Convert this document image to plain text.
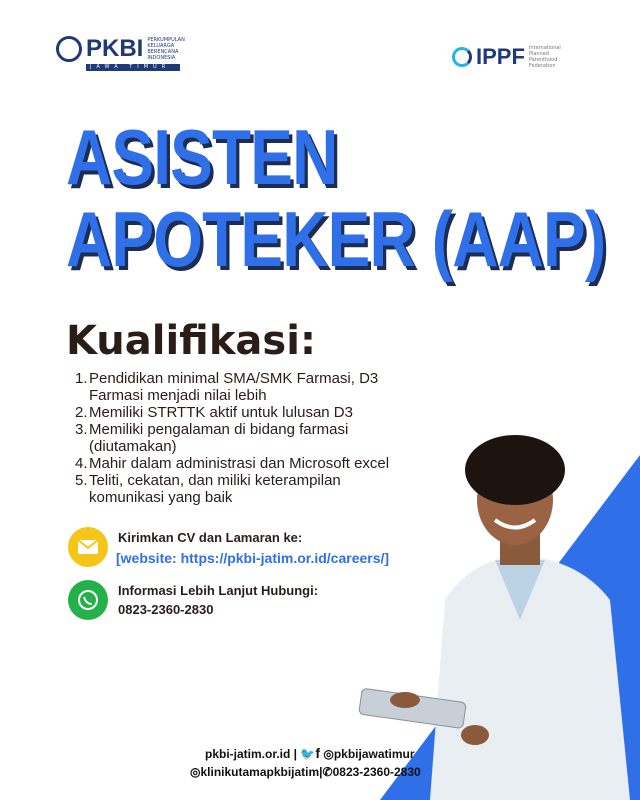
PKBI PERKUMPULAN KELUARGA BERENCANA INDONESIA
JAWA TIMUR	IPPF International Planned Parenthood Federation
ASISTEN
APOTEKER (AAP)
Kualifikasi:
1. Pendidikan minimal SMA/SMK Farmasi, D3 Farmasi menjadi nilai lebih
2. Memiliki STRTTK aktif untuk lulusan D3
3. Memiliki pengalaman di bidang farmasi (diutamakan)
4. Mahir dalam administrasi dan Microsoft excel
5. Teliti, cekatan, dan miliki keterampilan komunikasi yang baik
Kirimkan CV dan Lamaran ke:
[website: https://pkbi-jatim.or.id/careers/]
Informasi Lebih Lanjut Hubungi:
0823-2360-2830
pkbi-jatim.or.id | 🐦f ◎pkbijawatimur
◎klinikutamapkbijatim|✆0823-2360-2830
